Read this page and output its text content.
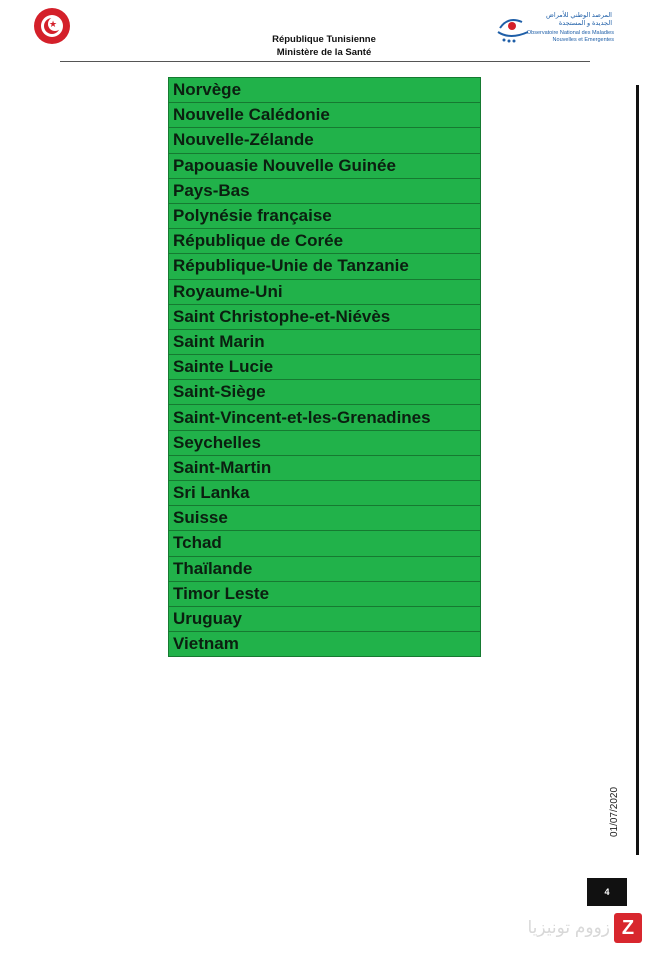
★
République Tunisienne
Ministère de la Santé
المرصد الوطني للأمراض الجديدة و المستجدة
Observatoire National des Maladies Nouvelles et Emergentes
Norvège
Nouvelle Calédonie
Nouvelle-Zélande
Papouasie Nouvelle Guinée
Pays-Bas
Polynésie française
République de Corée
République-Unie de Tanzanie
Royaume-Uni
Saint Christophe-et-Niévès
Saint Marin
Sainte Lucie
Saint-Siège
Saint-Vincent-et-les-Grenadines
Seychelles
Saint-Martin
Sri Lanka
Suisse
Tchad
Thaïlande
Timor Leste
Uruguay
Vietnam
01/07/2020
4
زووم تونيزيا Z
